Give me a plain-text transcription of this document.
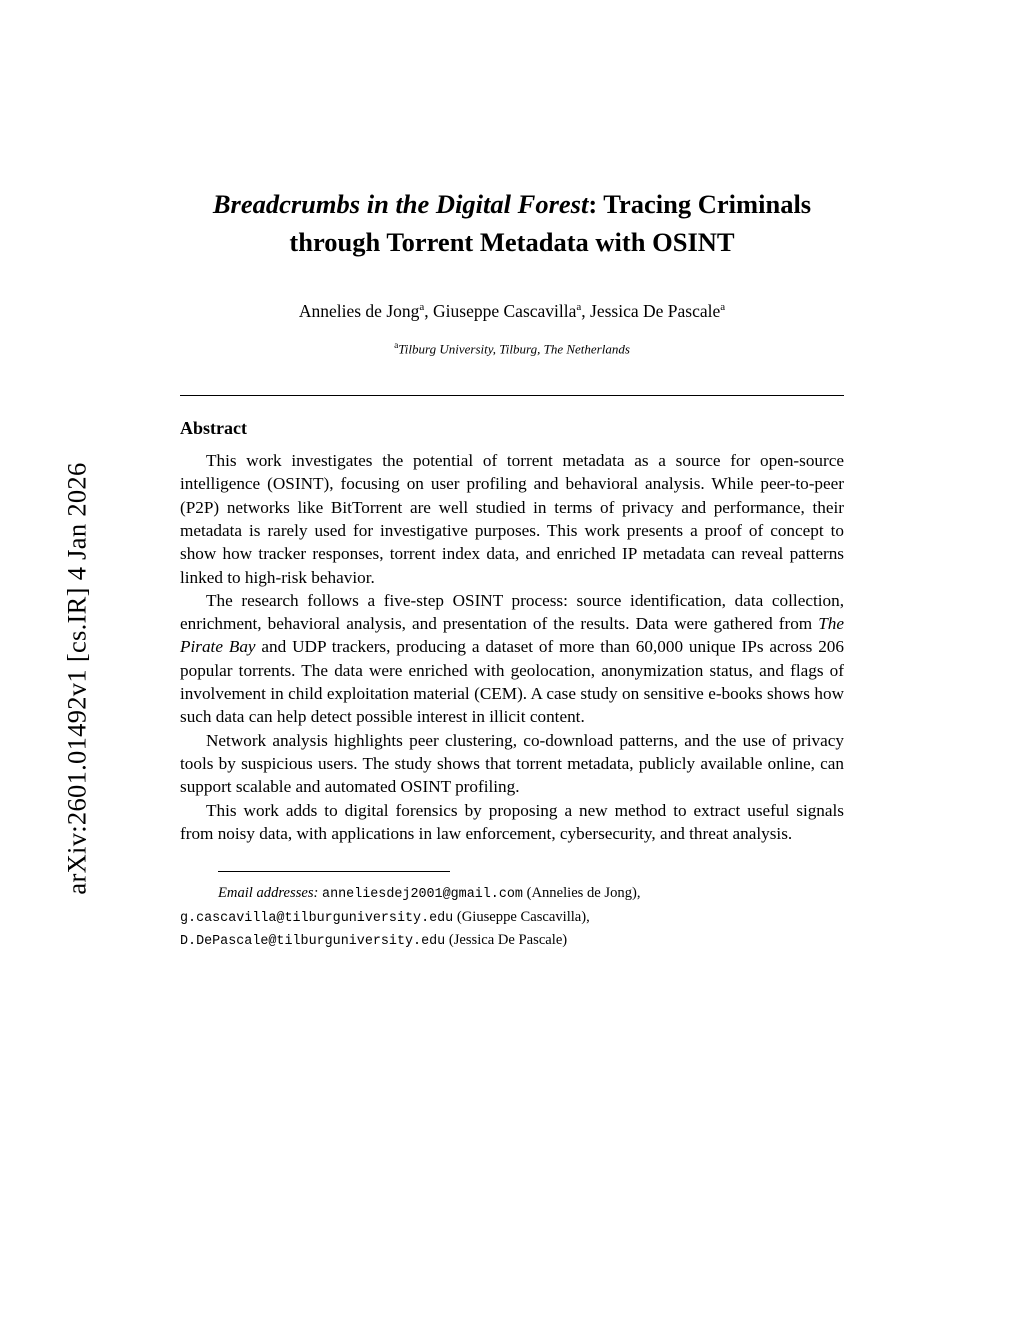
arXiv:2601.01492v1 [cs.IR] 4 Jan 2026
Breadcrumbs in the Digital Forest: Tracing Criminals
through Torrent Metadata with OSINT
Annelies de Jong$^a$, Giuseppe Cascavilla$^a$, Jessica De Pascale$^a$
$^a$Tilburg University, Tilburg, The Netherlands
Abstract

This work investigates the potential of torrent metadata as a source for open-source intelligence (OSINT), focusing on user profiling and behavioral analysis. While peer-to-peer (P2P) networks like BitTorrent are well studied in terms of privacy and performance, their metadata is rarely used for investigative purposes. This work presents a proof of concept to show how tracker responses, torrent index data, and enriched IP metadata can reveal patterns linked to high-risk behavior.

The research follows a five-step OSINT process: source identification, data collection, enrichment, behavioral analysis, and presentation of the results. Data were gathered from The Pirate Bay and UDP trackers, producing a dataset of more than 60,000 unique IPs across 206 popular torrents. The data were enriched with geolocation, anonymization status, and flags of involvement in child exploitation material (CEM). A case study on sensitive e-books shows how such data can help detect possible interest in illicit content.

Network analysis highlights peer clustering, co-download patterns, and the use of privacy tools by suspicious users. The study shows that torrent metadata, publicly available online, can support scalable and automated OSINT profiling.

This work adds to digital forensics by proposing a new method to extract useful signals from noisy data, with applications in law enforcement, cybersecurity, and threat analysis.

Email addresses: anneliesdej2001@gmail.com (Annelies de Jong),
g.cascavilla@tilburguniversity.edu (Giuseppe Cascavilla),
D.DePascale@tilburguniversity.edu (Jessica De Pascale)
